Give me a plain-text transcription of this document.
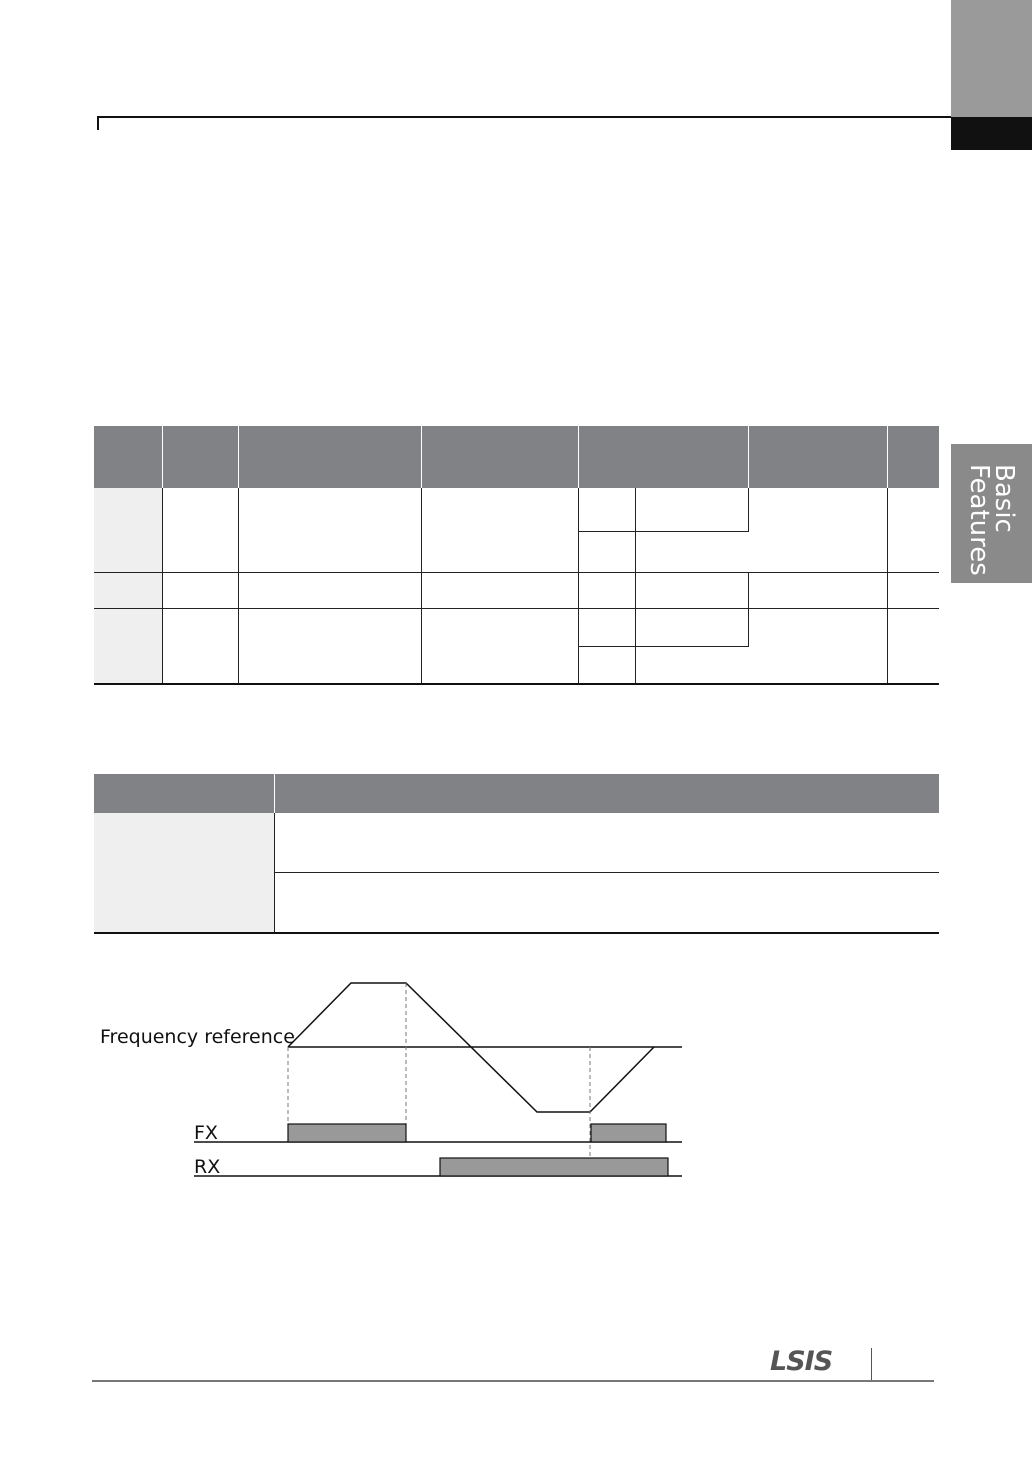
Basic
Features

Frequency reference
FX
RX
LSIS
